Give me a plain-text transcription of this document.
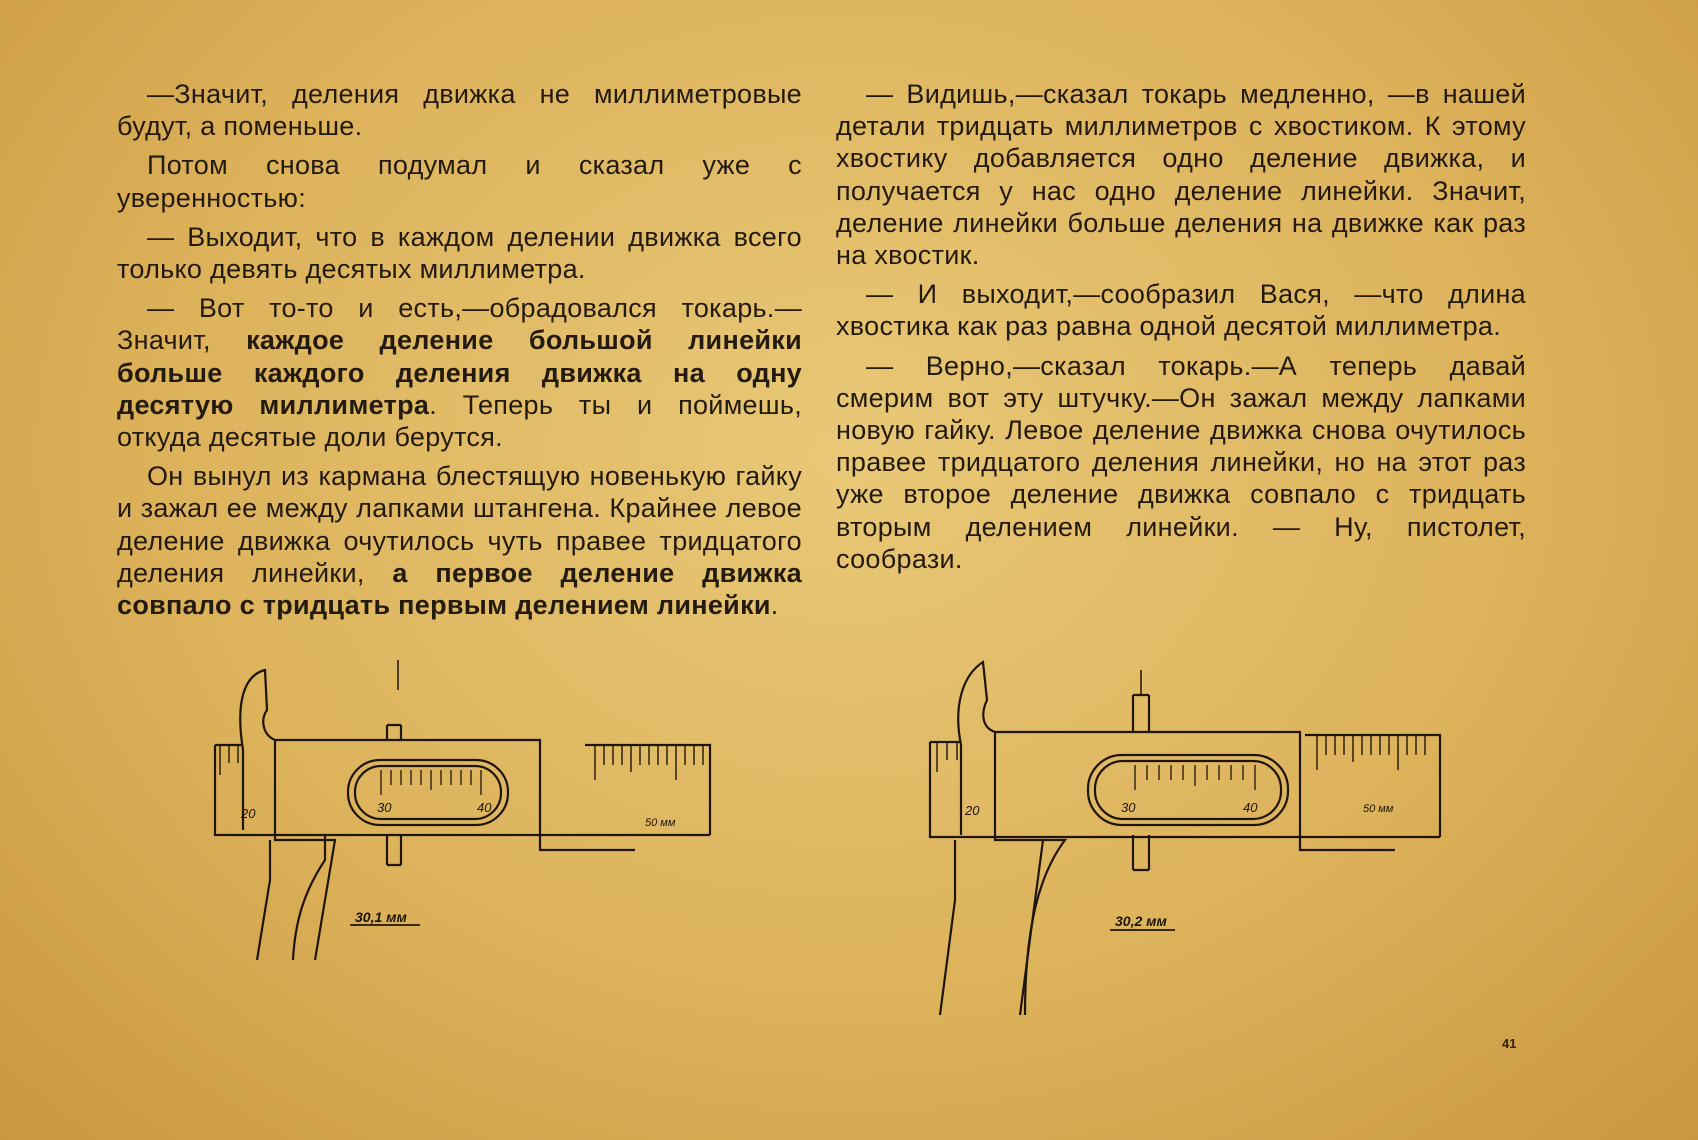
—Значит, деления движка не миллиметровые будут, а поменьше.

Потом снова подумал и сказал уже с уверенностью:

— Выходит, что в каждом делении движка всего только девять десятых миллиметра.

— Вот то-то и есть,—обрадовался токарь.— Значит, каждое деление большой линейки больше каждого деления движка на одну десятую миллиметра. Теперь ты и поймешь, откуда десятые доли берутся.

Он вынул из кармана блестящую новенькую гайку и зажал ее между лапками штангена. Крайнее левое деление движка очутилось чуть правее тридцатого деления линейки, а первое деление движка совпало с тридцать первым делением линейки.

— Видишь,—сказал токарь медленно, —в нашей детали тридцать миллиметров с хвостиком. К этому хвостику добавляется одно деление движка, и получается у нас одно деление линейки. Значит, деление линейки больше деления на движке как раз на хвостик.

— И выходит,—сообразил Вася, —что длина хвостика как раз равна одной десятой миллиметра.

— Верно,—сказал токарь.—А теперь давай смерим вот эту штучку.—Он зажал между лапками новую гайку. Левое деление движка снова очутилось правее тридцатого деления линейки, но на этот раз уже второе деление движка совпало с тридцать вторым делением линейки. — Ну, пистолет, сообрази.

20	30	40
50 мм
30,1 мм
20	30	40	50 мм
30,2 мм
41
